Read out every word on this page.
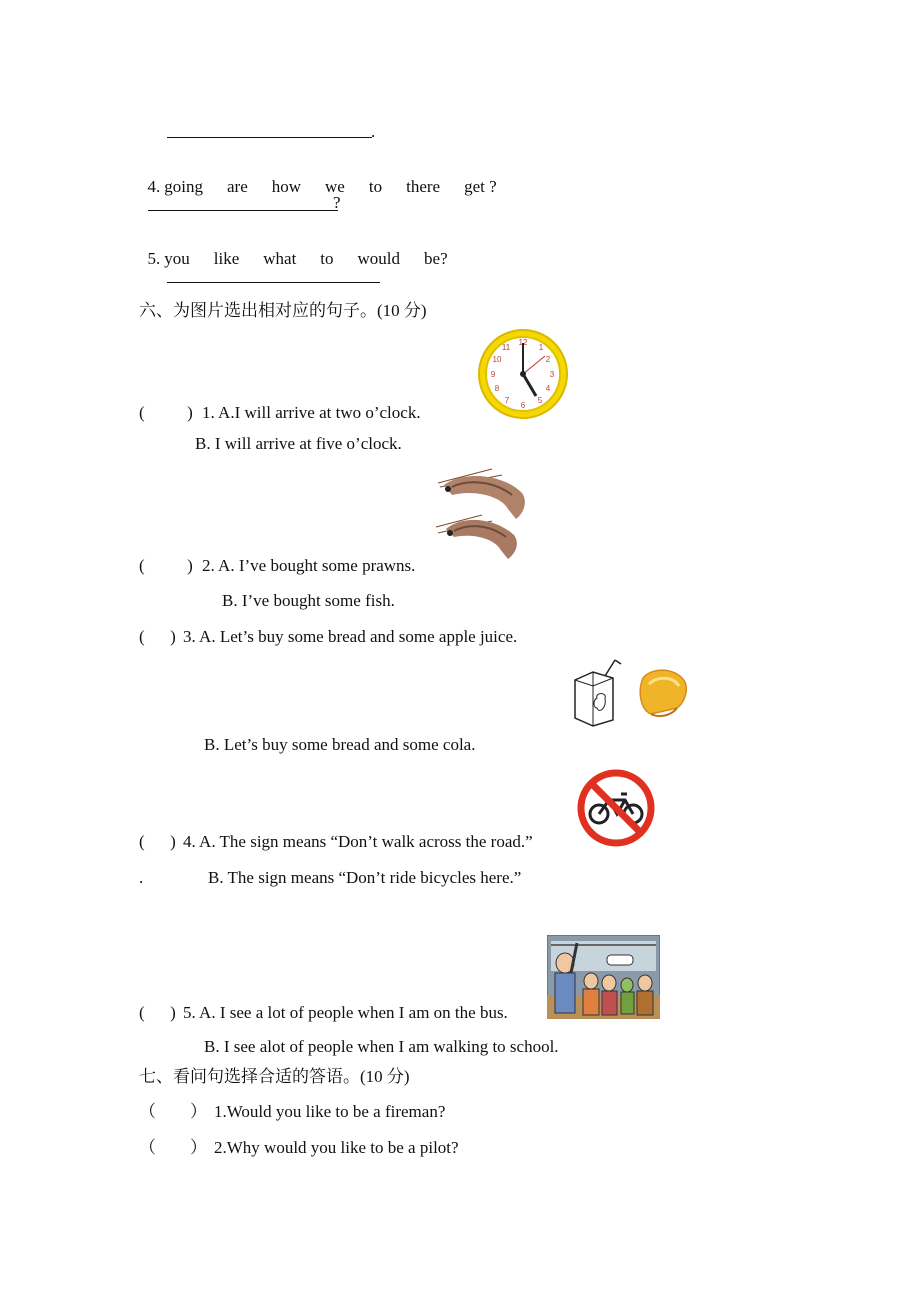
.

4. going are how we to there get ?

?

5. you like what to would be?

六、为图片选出相对应的句子。(10 分)
12
1
2
3
4
5
6
7
8
9
10
11
(          ) 1. A.I will arrive at two o’clock.
B. I will arrive at five o’clock.
(          ) 2. A. I’ve bought some prawns.
B. I’ve bought some fish.
(      ) 3. A. Let’s buy some bread and some apple juice.
B. Let’s buy some bread and some cola.
(      ) 4. A. The sign means “Don’t walk across the road.”
.	B. The sign means “Don’t ride bicycles here.”
(      ) 5. A. I see a lot of people when I am on the bus.
B. I see alot of people when I am walking to school.
七、看问句选择合适的答语。(10 分)
（        ） 1.Would you like to be a fireman?
（        ） 2.Why would you like to be a pilot?
